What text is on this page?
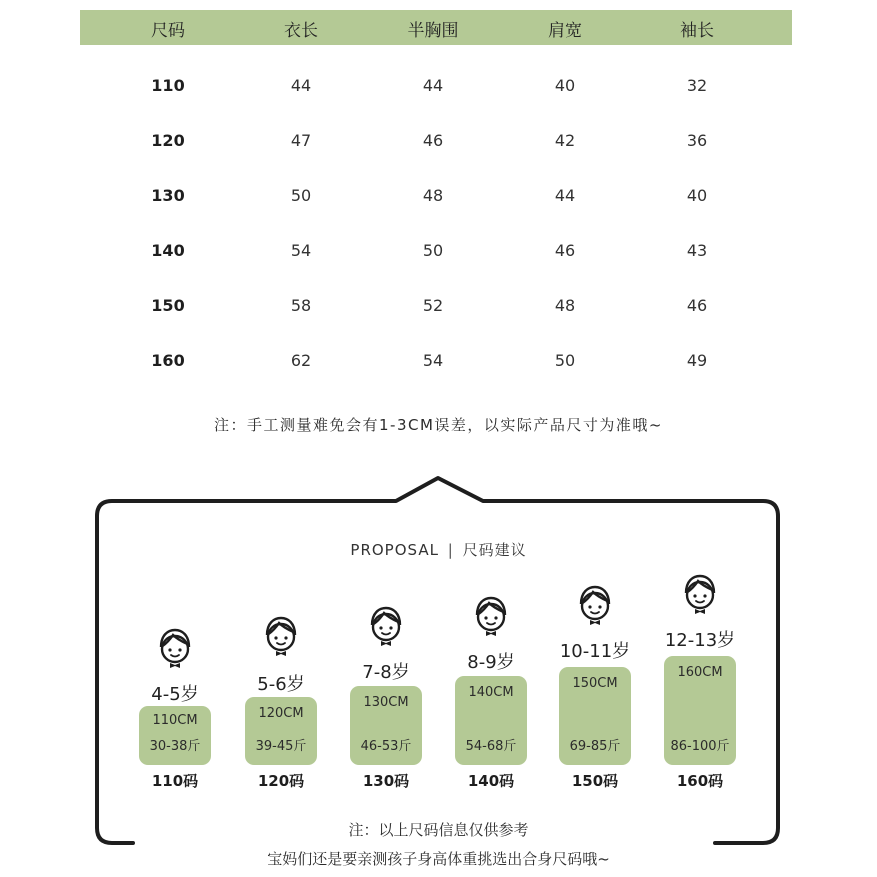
尺码	衣长	半胸围	肩宽	袖长
110	44	44	40	32
120	47	46	42	36
130	50	48	44	40
140	54	50	46	43
150	58	52	48	46
160	62	54	50	49
注：手工测量难免会有1-3CM误差，以实际产品尺寸为准哦~
PROPOSAL | 尺码建议
4-5岁
110CM
30-38斤
110码
5-6岁
120CM
39-45斤
120码
7-8岁
130CM
46-53斤
130码
8-9岁
140CM
54-68斤
140码
10-11岁
150CM
69-85斤
150码
12-13岁
160CM
86-100斤
160码
注：以上尺码信息仅供参考
宝妈们还是要亲测孩子身高体重挑选出合身尺码哦~
